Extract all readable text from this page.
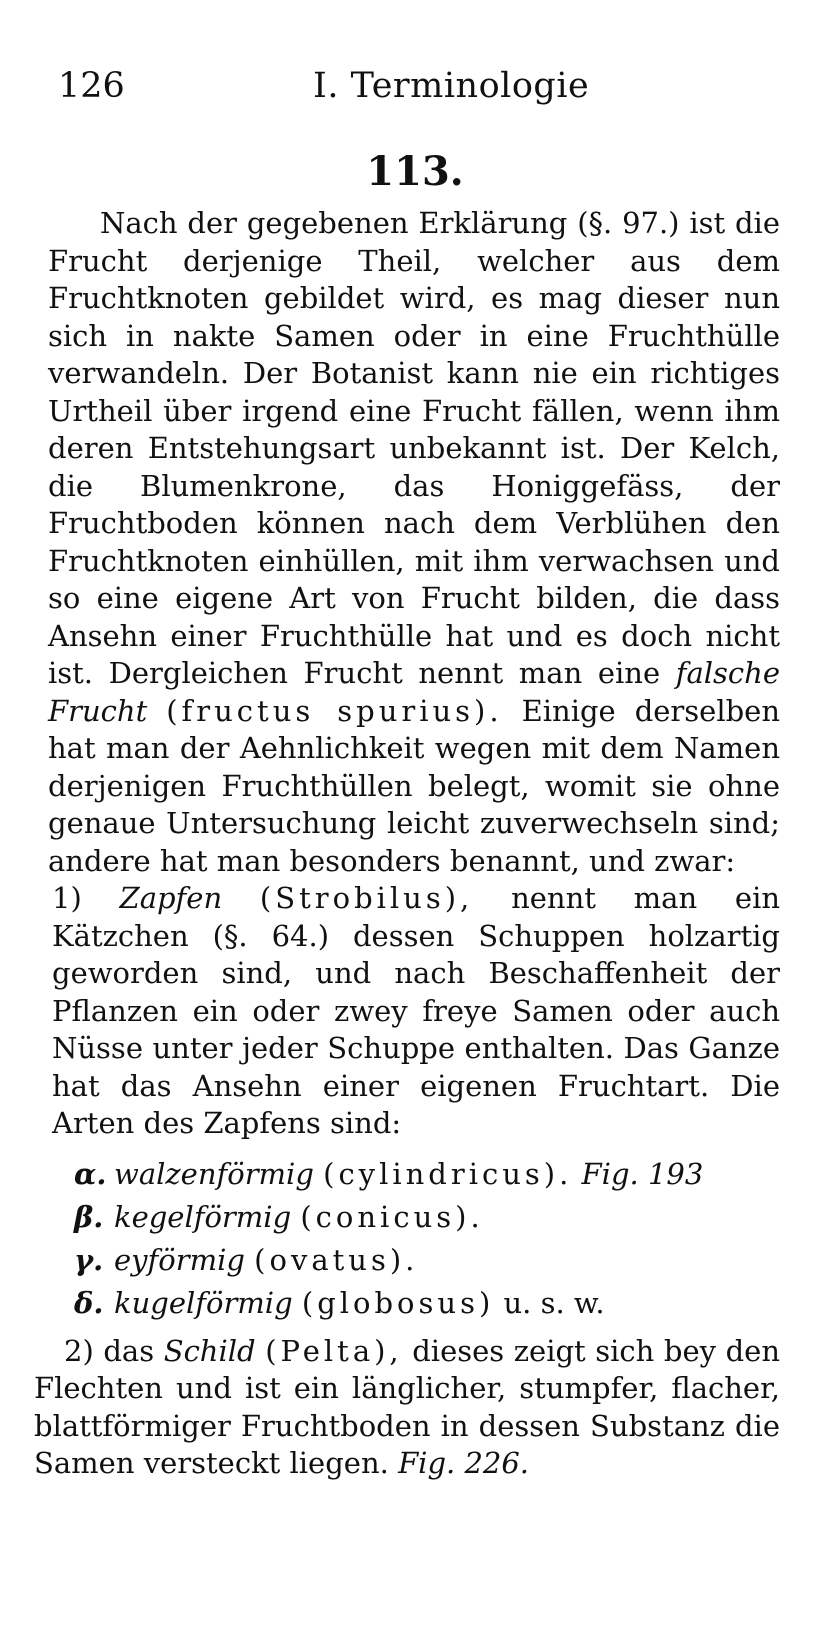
126	I. Terminologie
113.

Nach der gegebenen Erklärung (§. 97.) ist die Frucht derjenige Theil, welcher aus dem Fruchtknoten gebildet wird, es mag dieser nun sich in nakte Samen oder in eine Fruchthülle verwandeln. Der Botanist kann nie ein richtiges Urtheil über irgend eine Frucht fällen, wenn ihm deren Entstehungsart unbekannt ist. Der Kelch, die Blumenkrone, das Honiggefäss, der Fruchtboden können nach dem Verblühen den Fruchtknoten einhüllen, mit ihm verwachsen und so eine eigene Art von Frucht bilden, die dass Ansehn einer Fruchthülle hat und es doch nicht ist. Dergleichen Frucht nennt man eine falsche Frucht (fructus spurius). Einige derselben hat man der Aehnlichkeit wegen mit dem Namen derjenigen Fruchthüllen belegt, womit sie ohne genaue Untersuchung leicht zuverwechseln sind; andere hat man besonders benannt, und zwar:

1) Zapfen (Strobilus), nennt man ein Kätzchen (§. 64.) dessen Schuppen holzartig geworden sind, und nach Beschaffenheit der Pflanzen ein oder zwey freye Samen oder auch Nüsse unter jeder Schuppe enthalten. Das Ganze hat das Ansehn einer eigenen Fruchtart. Die Arten des Zapfens sind:

α. walzenförmig (cylindricus). Fig. 193
β. kegelförmig (conicus).
γ. eyförmig (ovatus).
δ. kugelförmig (globosus) u. s. w.

2) das Schild (Pelta), dieses zeigt sich bey den Flechten und ist ein länglicher, stumpfer, flacher, blattförmiger Fruchtboden in dessen Substanz die Samen versteckt liegen. Fig. 226.
